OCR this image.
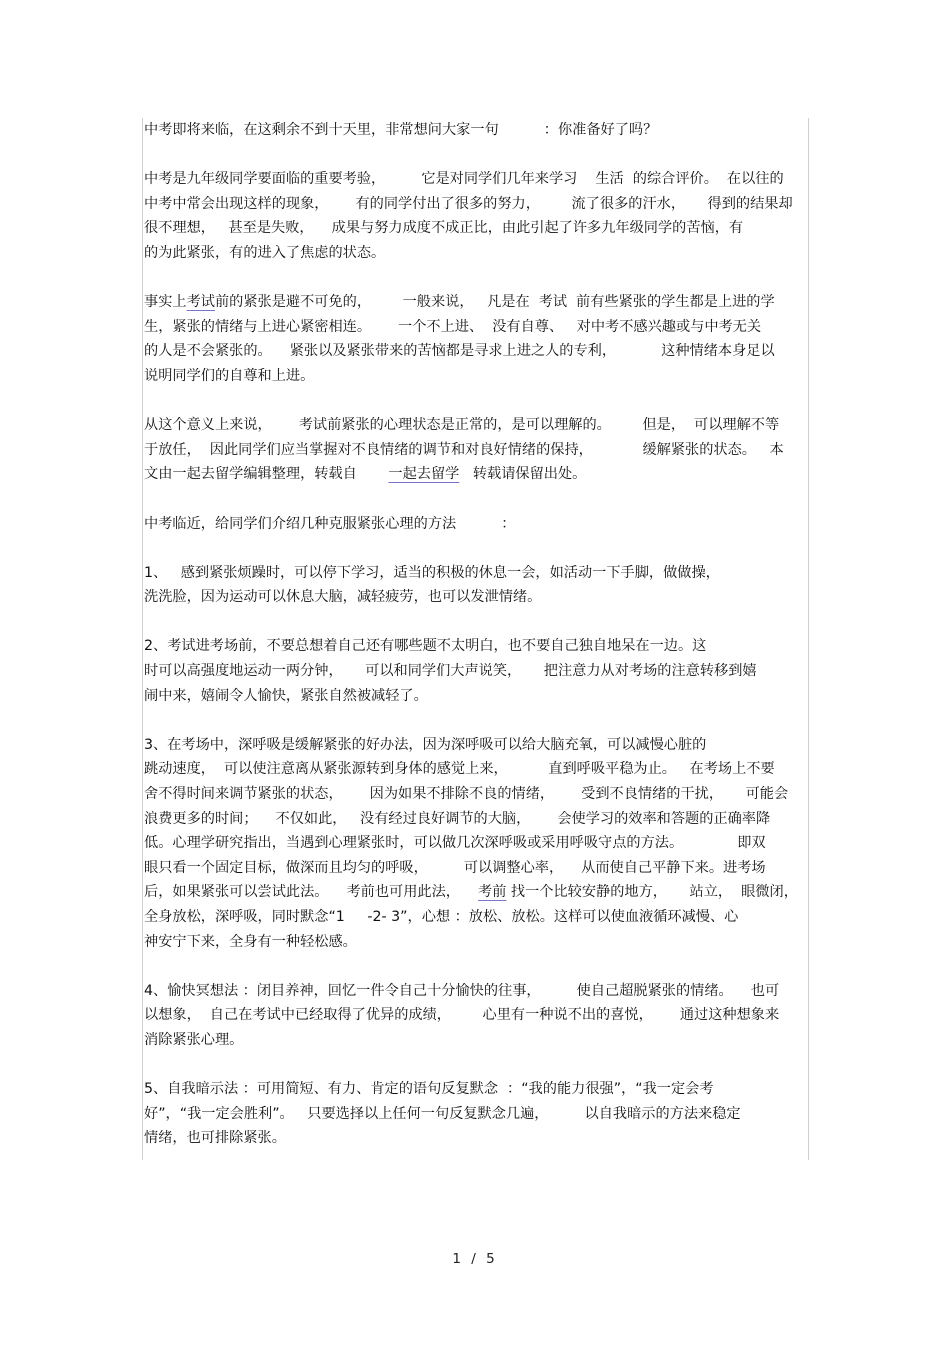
中考即将来临，在这剩余不到十天里，非常想问大家一句          ：你准备好了吗？

中考是九年级同学要面临的重要考验，        它是对同学们几年来学习    生活  的综合评价。  在以往的
中考中常会出现这样的现象，      有的同学付出了很多的努力，       流了很多的汗水，     得到的结果却
很不理想，   甚至是失败，    成果与努力成度不成正比，由此引起了许多九年级同学的苦恼，有
的为此紧张，有的进入了焦虑的状态。

事实上考试前的紧张是避不可免的，       一般来说，   凡是在  考试  前有些紧张的学生都是上进的学
生，紧张的情绪与上进心紧密相连。      一个不上进、  没有自尊、   对中考不感兴趣或与中考无关
的人是不会紧张的。    紧张以及紧张带来的苦恼都是寻求上进之人的专利，          这种情绪本身足以
说明同学们的自尊和上进。

从这个意义上来说，      考试前紧张的心理状态是正常的，是可以理解的。       但是，  可以理解不等
于放任，  因此同学们应当掌握对不良情绪的调节和对良好情绪的保持，           缓解紧张的状态。   本
文由一起去留学编辑整理，转载自       一起去留学   转载请保留出处。

中考临近，给同学们介绍几种克服紧张心理的方法          ：

1、   感到紧张烦躁时，可以停下学习，适当的积极的休息一会，如活动一下手脚，做做操，
洗洗脸，因为运动可以休息大脑，减轻疲劳，也可以发泄情绪。

2、考试进考场前，不要总想着自己还有哪些题不太明白，也不要自己独自地呆在一边。这
时可以高强度地运动一两分钟，     可以和同学们大声说笑，     把注意力从对考场的注意转移到嬉
闹中来，嬉闹令人愉快，紧张自然被减轻了。

3、在考场中，深呼吸是缓解紧张的好办法，因为深呼吸可以给大脑充氧，可以减慢心脏的
跳动速度，  可以使注意离从紧张源转到身体的感觉上来，         直到呼吸平稳为止。   在考场上不要
舍不得时间来调节紧张的状态，      因为如果不排除不良的情绪，      受到不良情绪的干扰，     可能会
浪费更多的时间；    不仅如此，   没有经过良好调节的大脑，      会使学习的效率和答题的正确率降
低。心理学研究指出，当遇到心理紧张时，可以做几次深呼吸或采用呼吸守点的方法。            即双
眼只看一个固定目标，做深而且均匀的呼吸，        可以调整心率，    从而使自己平静下来。进考场
后，如果紧张可以尝试此法。    考前也可用此法，    考前 找一个比较安静的地方，     站立，  眼微闭，
全身放松，深呼吸，同时默念“1     -2- 3”，心想 ：放松、放松。这样可以使血液循环减慢、心
神安宁下来，全身有一种轻松感。

4、愉快冥想法 ：闭目养神，回忆一件令自己十分愉快的往事，        使自己超脱紧张的情绪。    也可
以想象，  自己在考试中已经取得了优异的成绩，       心里有一种说不出的喜悦，      通过这种想象来
消除紧张心理。

5、自我暗示法 ：可用简短、有力、肯定的语句反复默念  ：“我的能力很强”，“我一定会考
好”，“我一定会胜利”。   只要选择以上任何一句反复默念几遍，        以自我暗示的方法来稳定
情绪，也可排除紧张。

1 / 5
